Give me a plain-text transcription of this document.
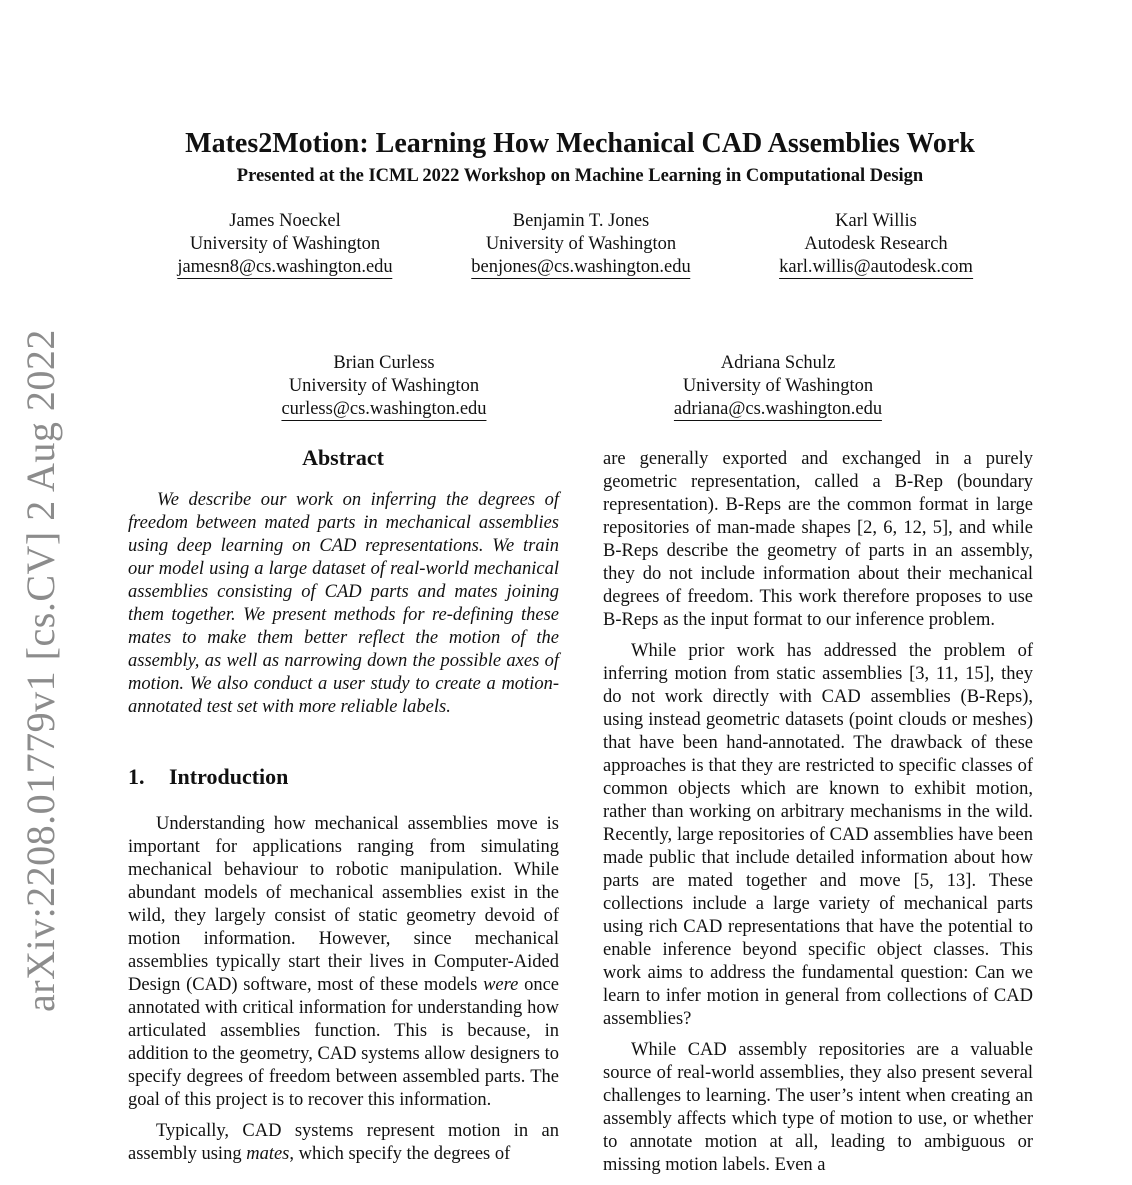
arXiv:2208.01779v1 [cs.CV] 2 Aug 2022
Mates2Motion: Learning How Mechanical CAD Assemblies Work
Presented at the ICML 2022 Workshop on Machine Learning in Computational Design
James Noeckel
University of Washington
jamesn8@cs.washington.edu
Benjamin T. Jones
University of Washington
benjones@cs.washington.edu
Karl Willis
Autodesk Research
karl.willis@autodesk.com
Brian Curless
University of Washington
curless@cs.washington.edu
Adriana Schulz
University of Washington
adriana@cs.washington.edu
Abstract

We describe our work on inferring the degrees of freedom between mated parts in mechanical assemblies using deep learning on CAD representations. We train our model using a large dataset of real-world mechanical assemblies consisting of CAD parts and mates joining them together. We present methods for re-defining these mates to make them better reflect the motion of the assembly, as well as narrowing down the possible axes of motion. We also conduct a user study to create a motion-annotated test set with more reliable labels.

1. Introduction

Understanding how mechanical assemblies move is important for applications ranging from simulating mechanical behaviour to robotic manipulation. While abundant models of mechanical assemblies exist in the wild, they largely consist of static geometry devoid of motion information. However, since mechanical assemblies typically start their lives in Computer-Aided Design (CAD) software, most of these models were once annotated with critical information for understanding how articulated assemblies function. This is because, in addition to the geometry, CAD systems allow designers to specify degrees of freedom between assembled parts. The goal of this project is to recover this information.

Typically, CAD systems represent motion in an assembly using mates, which specify the degrees of

are generally exported and exchanged in a purely geometric representation, called a B-Rep (boundary representation). B-Reps are the common format in large repositories of man-made shapes [2, 6, 12, 5], and while B-Reps describe the geometry of parts in an assembly, they do not include information about their mechanical degrees of freedom. This work therefore proposes to use B-Reps as the input format to our inference problem.

While prior work has addressed the problem of inferring motion from static assemblies [3, 11, 15], they do not work directly with CAD assemblies (B-Reps), using instead geometric datasets (point clouds or meshes) that have been hand-annotated. The drawback of these approaches is that they are restricted to specific classes of common objects which are known to exhibit motion, rather than working on arbitrary mechanisms in the wild. Recently, large repositories of CAD assemblies have been made public that include detailed information about how parts are mated together and move [5, 13]. These collections include a large variety of mechanical parts using rich CAD representations that have the potential to enable inference beyond specific object classes. This work aims to address the fundamental question: Can we learn to infer motion in general from collections of CAD assemblies?

While CAD assembly repositories are a valuable source of real-world assemblies, they also present several challenges to learning. The user’s intent when creating an assembly affects which type of motion to use, or whether to annotate motion at all, leading to ambiguous or missing motion labels. Even a
